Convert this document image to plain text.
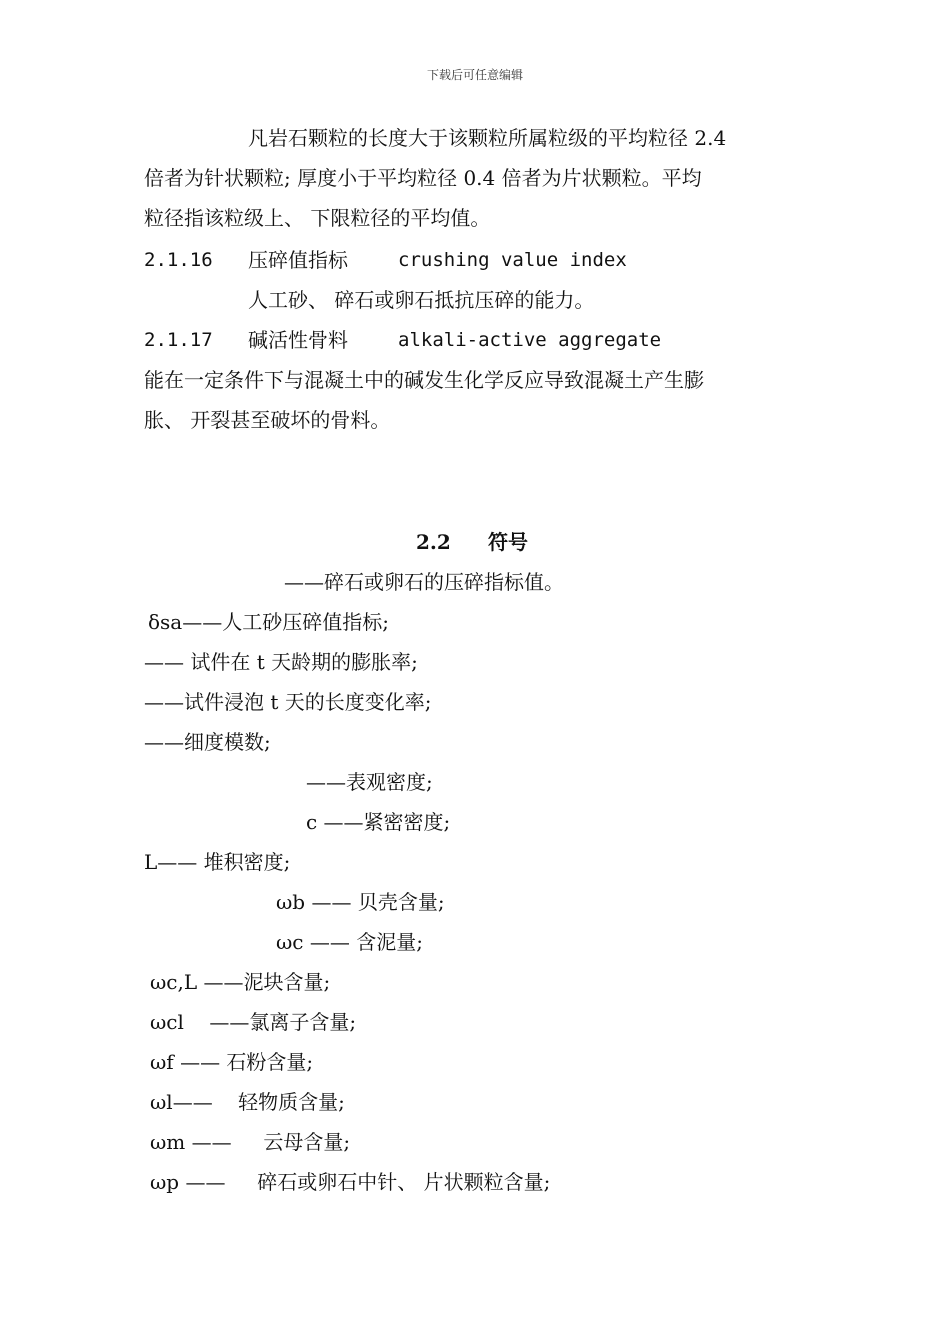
下载后可任意编辑
凡岩石颗粒的长度大于该颗粒所属粒级的平均粒径 2.4
倍者为针状颗粒; 厚度小于平均粒径 0.4 倍者为片状颗粒。平均
粒径指该粒级上、 下限粒径的平均值。
2.1.16 压碎值指标	crushing value index
人工砂、 碎石或卵石抵抗压碎的能力。
2.1.17 碱活性骨料	alkali-active aggregate
能在一定条件下与混凝土中的碱发生化学反应导致混凝土产生膨
胀、 开裂甚至破坏的骨料。
2.2 符号
——碎石或卵石的压碎指标值。
δsa——人工砂压碎值指标;
—— 试件在 t 天龄期的膨胀率;
——试件浸泡 t 天的长度变化率;
——细度模数;
——表观密度;
c ——紧密密度;
L—— 堆积密度;
ωb —— 贝壳含量;
ωc —— 含泥量;
ωc,L ——泥块含量;
ωcl    ——氯离子含量;
ωf —— 石粉含量;
ωl——    轻物质含量;
ωm ——     云母含量;
ωp ——     碎石或卵石中针、 片状颗粒含量;
